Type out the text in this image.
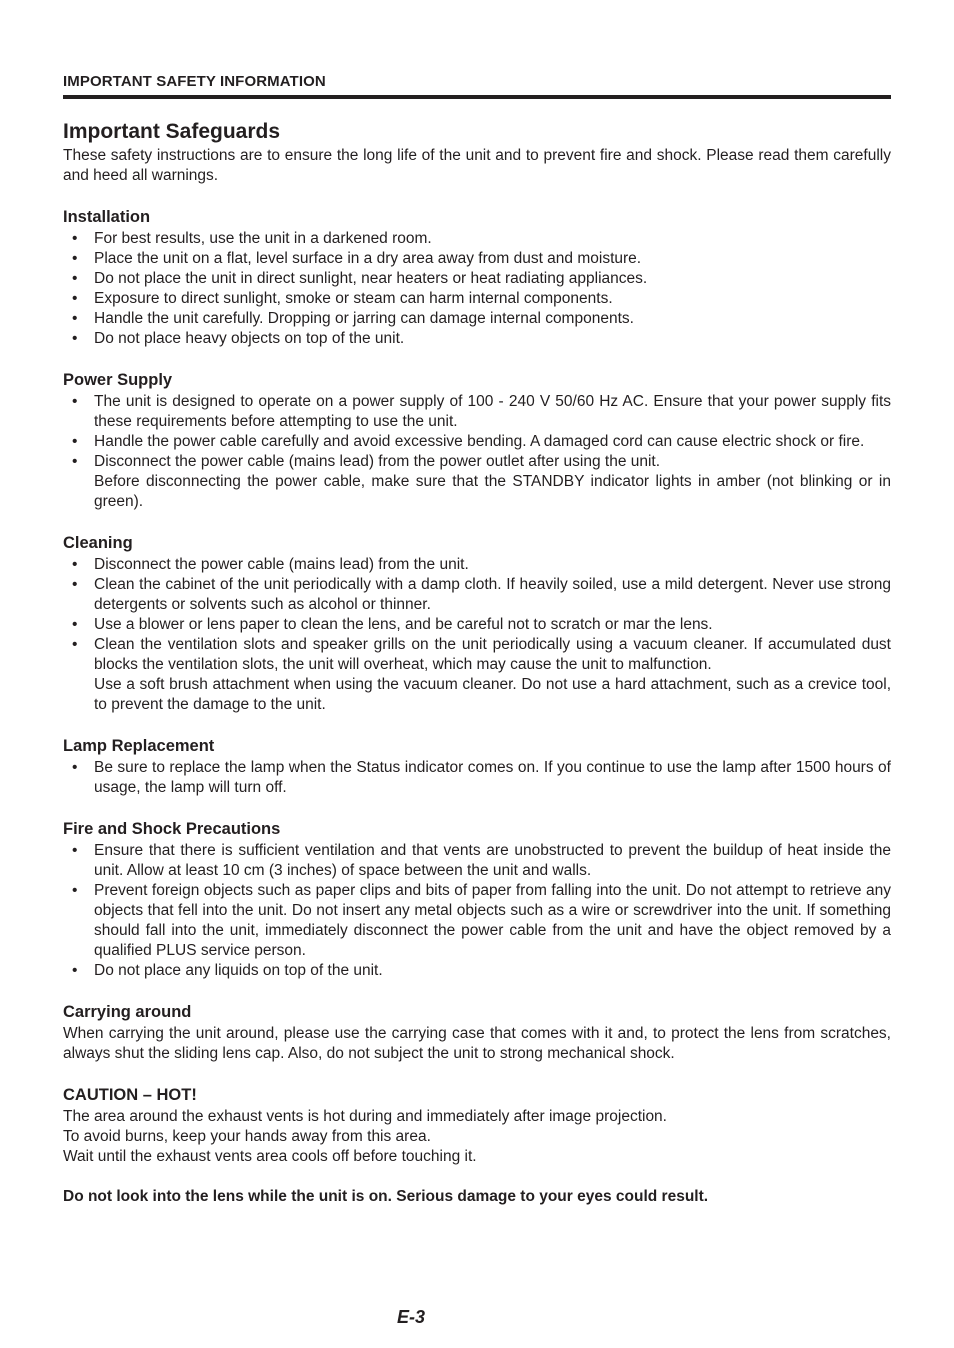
IMPORTANT SAFETY INFORMATION
Important Safeguards

These safety instructions are to ensure the long life of the unit and to prevent fire and shock. Please read them carefully and heed all warnings.

Installation
• For best results, use the unit in a darkened room.
• Place the unit on a flat, level surface in a dry area away from dust and moisture.
• Do not place the unit in direct sunlight, near heaters or heat radiating appliances.
• Exposure to direct sunlight, smoke or steam can harm internal components.
• Handle the unit carefully. Dropping or jarring can damage internal components.
• Do not place heavy objects on top of the unit.
Power Supply
• The unit is designed to operate on a power supply of 100 - 240 V 50/60 Hz AC. Ensure that your power supply fits these requirements before attempting to use the unit.
• Handle the power cable carefully and avoid excessive bending. A damaged cord can cause electric shock or fire.
• Disconnect the power cable (mains lead) from the power outlet after using the unit.
Before disconnecting the power cable, make sure that the STANDBY indicator lights in amber (not blinking or in green).
Cleaning
• Disconnect the power cable (mains lead) from the unit.
• Clean the cabinet of the unit periodically with a damp cloth. If heavily soiled, use a mild detergent. Never use strong detergents or solvents such as alcohol or thinner.
• Use a blower or lens paper to clean the lens, and be careful not to scratch or mar the lens.
• Clean the ventilation slots and speaker grills on the unit periodically using a vacuum cleaner. If accumulated dust blocks the ventilation slots, the unit will overheat, which may cause the unit to malfunction.
Use a soft brush attachment when using the vacuum cleaner. Do not use a hard attachment, such as a crevice tool, to prevent the damage to the unit.
Lamp Replacement
• Be sure to replace the lamp when the Status indicator comes on. If you continue to use the lamp after 1500 hours of usage, the lamp will turn off.
Fire and Shock Precautions
• Ensure that there is sufficient ventilation and that vents are unobstructed to prevent the buildup of heat inside the unit. Allow at least 10 cm (3 inches) of space between the unit and walls.
• Prevent foreign objects such as paper clips and bits of paper from falling into the unit. Do not attempt to retrieve any objects that fell into the unit. Do not insert any metal objects such as a wire or screwdriver into the unit. If something should fall into the unit, immediately disconnect the power cable from the unit and have the object removed by a qualified PLUS service person.
• Do not place any liquids on top of the unit.
Carrying around

When carrying the unit around, please use the carrying case that comes with it and, to protect the lens from scratches, always shut the sliding lens cap. Also, do not subject the unit to strong mechanical shock.

CAUTION – HOT!

The area around the exhaust vents is hot during and immediately after image projection.

To avoid burns, keep your hands away from this area.

Wait until the exhaust vents area cools off before touching it.

Do not look into the lens while the unit is on. Serious damage to your eyes could result.
E-3
